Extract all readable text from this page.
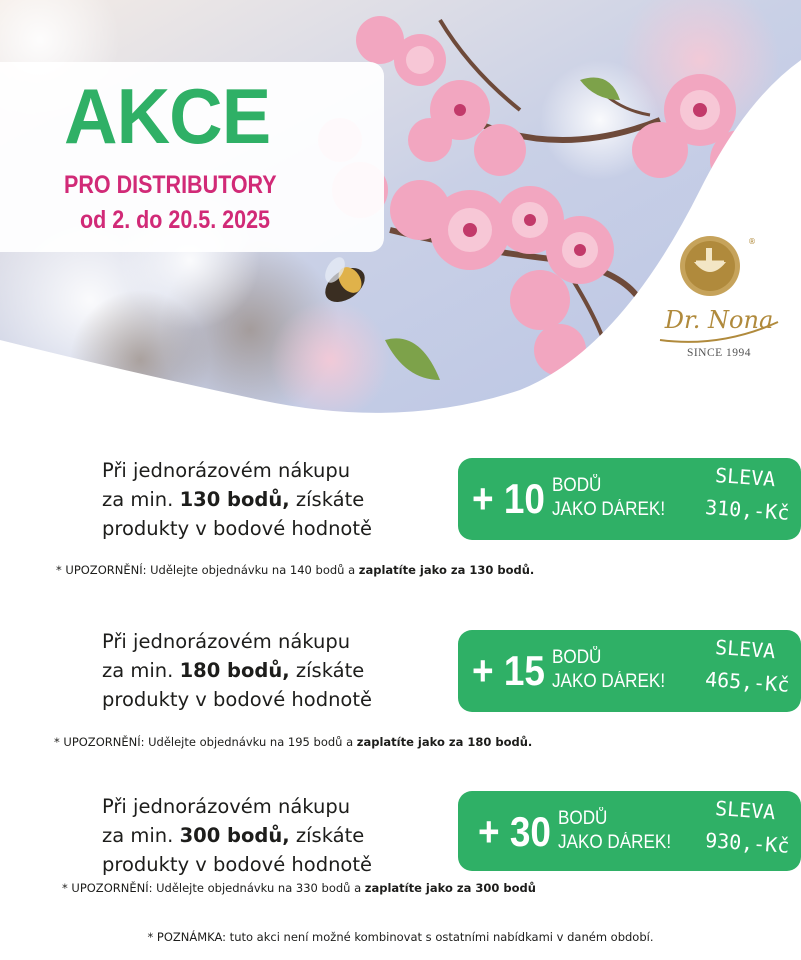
AKCE
PRO DISTRIBUTORY
od 2. do 20.5. 2025
®
Dr. Nona
SINCE 1994
Při jednorázovém nákupu
za min. 130 bodů, získáte
produkty v bodové hodnotě
+ 10 BODŮ
JAKO DÁREK!
SLEVA
310,-Kč
* UPOZORNĚNÍ: Udělejte objednávku na 140 bodů a zaplatíte jako za 130 bodů.
Při jednorázovém nákupu
za min. 180 bodů, získáte
produkty v bodové hodnotě
+ 15 BODŮ
JAKO DÁREK!
SLEVA
465,-Kč
* UPOZORNĚNÍ: Udělejte objednávku na 195 bodů a zaplatíte jako za 180 bodů.
Při jednorázovém nákupu
za min. 300 bodů, získáte
produkty v bodové hodnotě
+ 30 BODŮ
JAKO DÁREK!
SLEVA
930,-Kč
* UPOZORNĚNÍ: Udělejte objednávku na 330 bodů a zaplatíte jako za 300 bodů
* POZNÁMKA: tuto akci není možné kombinovat s ostatními nabídkami v daném období.
